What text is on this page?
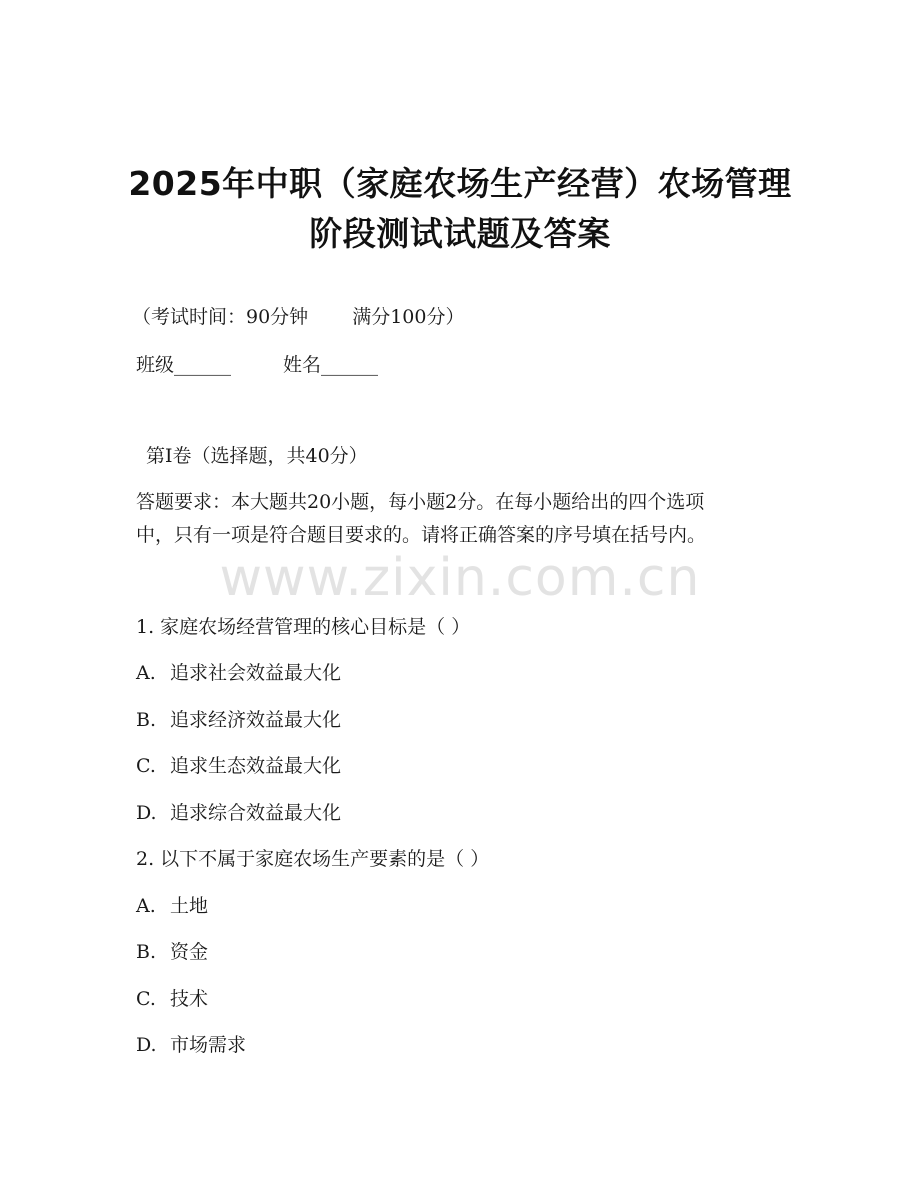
2025年中职（家庭农场生产经营）农场管理
阶段测试试题及答案
（考试时间：90分钟 满分100分）
班级______	姓名______
第I卷（选择题，共40分）
答题要求：本大题共20小题，每小题2分。在每小题给出的四个选项
中，只有一项是符合题目要求的。请将正确答案的序号填在括号内。
www.zixin.com.cn
1. 家庭农场经营管理的核心目标是（ ）
A. 追求社会效益最大化
B. 追求经济效益最大化
C. 追求生态效益最大化
D. 追求综合效益最大化
2. 以下不属于家庭农场生产要素的是（ ）
A. 土地
B. 资金
C. 技术
D. 市场需求
